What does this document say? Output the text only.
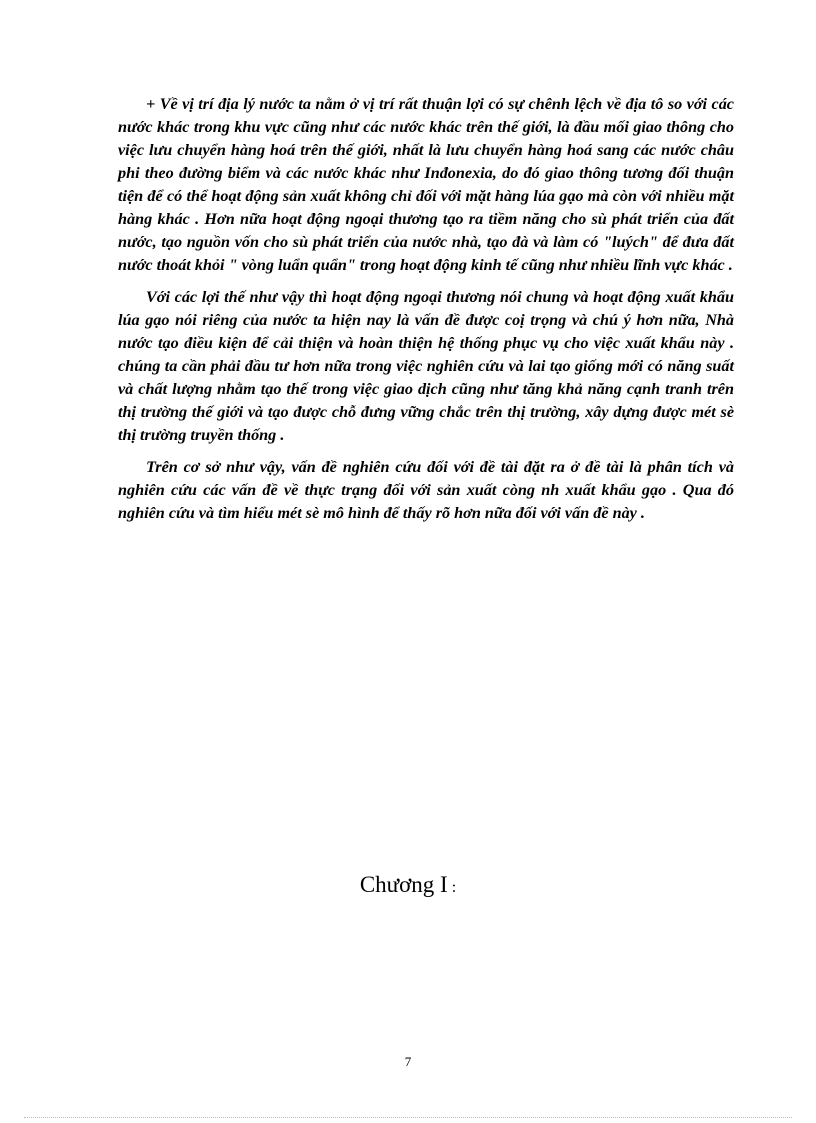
+ Về vị trí địa lý nước ta nằm ở vị trí rất thuận lợi có sự chênh lệch về địa tô so với các nước khác trong khu vực cũng như các nước khác trên thế giới, là đầu mối giao thông cho việc lưu chuyển hàng hoá trên thế giới, nhất là lưu chuyển hàng hoá sang các nước châu phi theo đường biểm và các nước khác như Inđonexia, do đó giao thông tương đối thuận tiện để có thể hoạt động sản xuất không chỉ đối với mặt hàng lúa gạo mà còn với nhiều mặt hàng khác . Hơn nữa hoạt động ngoại thương tạo ra tiềm năng cho sù phát triển của đất nước, tạo nguồn vốn cho sù phát triển của nước nhà, tạo đà và làm có "luých" để đưa đất nước thoát khỏi " vòng luẩn quẩn" trong hoạt động kinh tế cũng như nhiều lĩnh vực khác .

Với các lợi thế như vậy thì hoạt động ngoại thương nói chung và hoạt động xuất khẩu lúa gạo nói riêng của nước ta hiện nay là vấn đề được coị trọng và chú ý hơn nữa, Nhà nước tạo điều kiện để cải thiện và hoàn thiện hệ thống phục vụ cho việc xuất khẩu này . chúng ta cần phải đầu tư hơn nữa trong việc nghiên cứu và lai tạo giống mới có năng suất và chất lượng nhằm tạo thế trong việc giao dịch cũng như tăng khả năng cạnh tranh trên thị trường thế giới và tạo được chỗ đưng vững chắc trên thị trường, xây dựng được mét sè thị trường truyền thống .

Trên cơ sở như vậy, vấn đề nghiên cứu đối với đề tài đặt ra ở đề tài là phân tích và nghiên cứu các vấn đề về thực trạng đối với sản xuất còng nh xuất khẩu gạo . Qua đó nghiên cứu và tìm hiểu mét sè mô hình để thấy rõ hơn nữa đối với vấn đề này .

Chương I :
7
